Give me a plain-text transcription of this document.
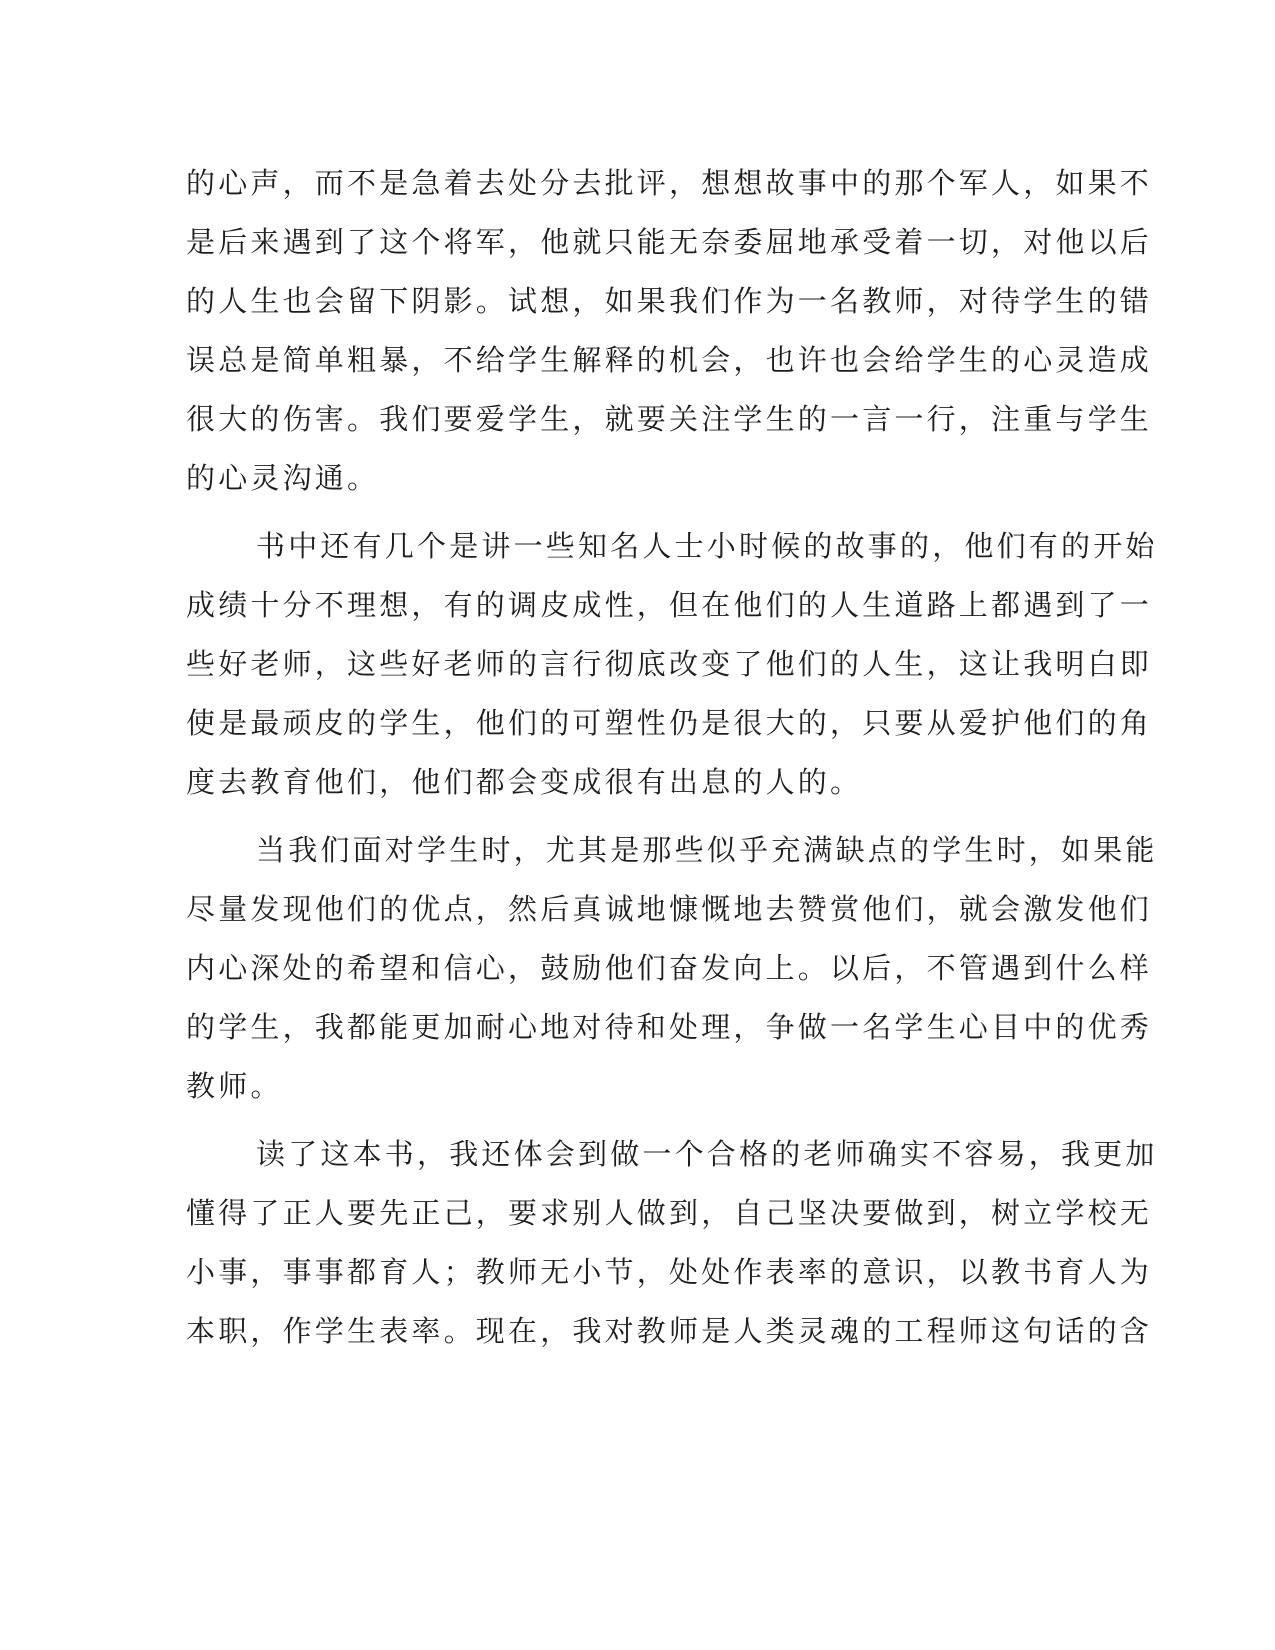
的心声，而不是急着去处分去批评，想想故事中的那个军人，如果不
是后来遇到了这个将军，他就只能无奈委屈地承受着一切，对他以后
的人生也会留下阴影。试想，如果我们作为一名教师，对待学生的错
误总是简单粗暴，不给学生解释的机会，也许也会给学生的心灵造成
很大的伤害。我们要爱学生，就要关注学生的一言一行，注重与学生
的心灵沟通。
书中还有几个是讲一些知名人士小时候的故事的，他们有的开始
成绩十分不理想，有的调皮成性，但在他们的人生道路上都遇到了一
些好老师，这些好老师的言行彻底改变了他们的人生，这让我明白即
使是最顽皮的学生，他们的可塑性仍是很大的，只要从爱护他们的角
度去教育他们，他们都会变成很有出息的人的。
当我们面对学生时，尤其是那些似乎充满缺点的学生时，如果能
尽量发现他们的优点，然后真诚地慷慨地去赞赏他们，就会激发他们
内心深处的希望和信心，鼓励他们奋发向上。以后，不管遇到什么样
的学生，我都能更加耐心地对待和处理，争做一名学生心目中的优秀
教师。
读了这本书，我还体会到做一个合格的老师确实不容易，我更加
懂得了正人要先正己，要求别人做到，自己坚决要做到，树立学校无
小事，事事都育人；教师无小节，处处作表率的意识，以教书育人为
本职，作学生表率。现在，我对教师是人类灵魂的工程师这句话的含
